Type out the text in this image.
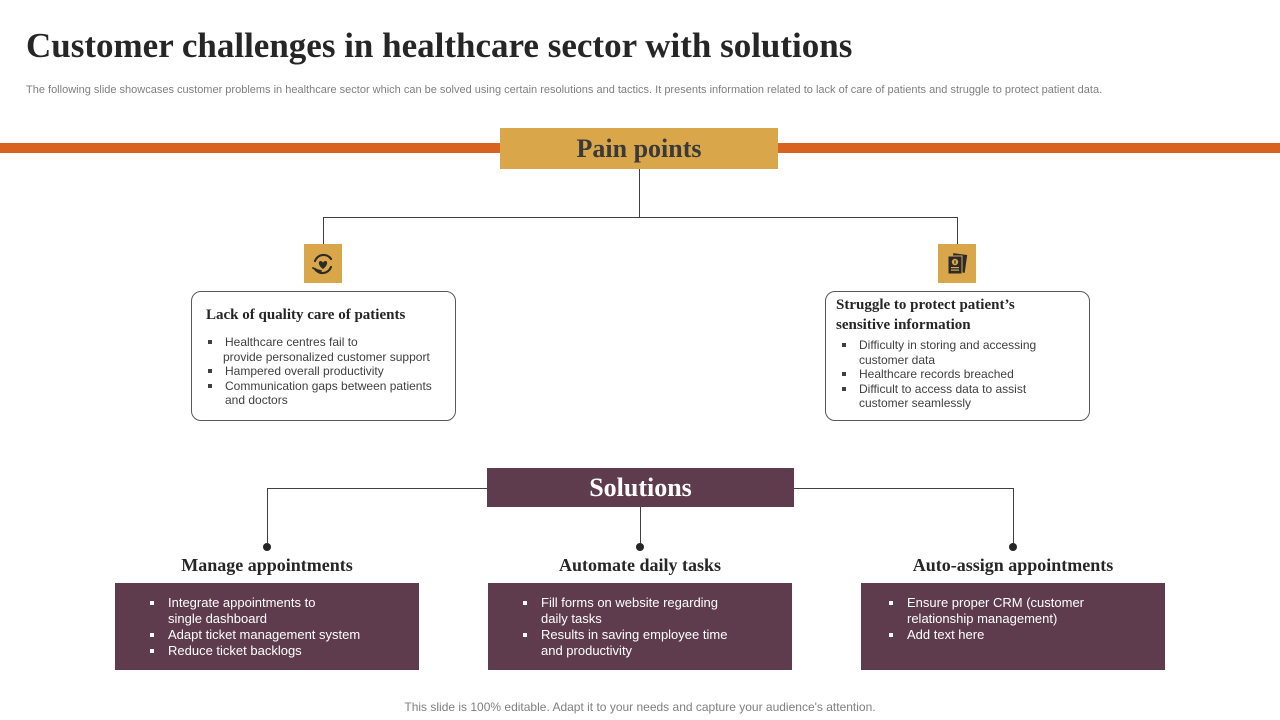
Customer challenges in healthcare sector with solutions
The following slide showcases customer problems in healthcare sector which can be solved using certain resolutions and tactics. It presents information related to lack of care of patients and struggle to protect patient data.
Pain points
Lack of quality care of patients
Healthcare centres fail to
provide personalized customer support
Hampered overall productivity
Communication gaps between patients
and doctors
Struggle to protect patient’s
sensitive information
Difficulty in storing and accessing
customer data
Healthcare records breached
Difficult to access data to assist
customer seamlessly
Solutions
Manage appointments	Automate daily tasks	Auto-assign appointments
Integrate appointments to
single dashboard
Adapt ticket management system
Reduce ticket backlogs
Fill forms on website regarding
daily tasks
Results in saving employee time
and productivity
Ensure proper CRM (customer
relationship management)
Add text here
This slide is 100% editable. Adapt it to your needs and capture your audience's attention.
